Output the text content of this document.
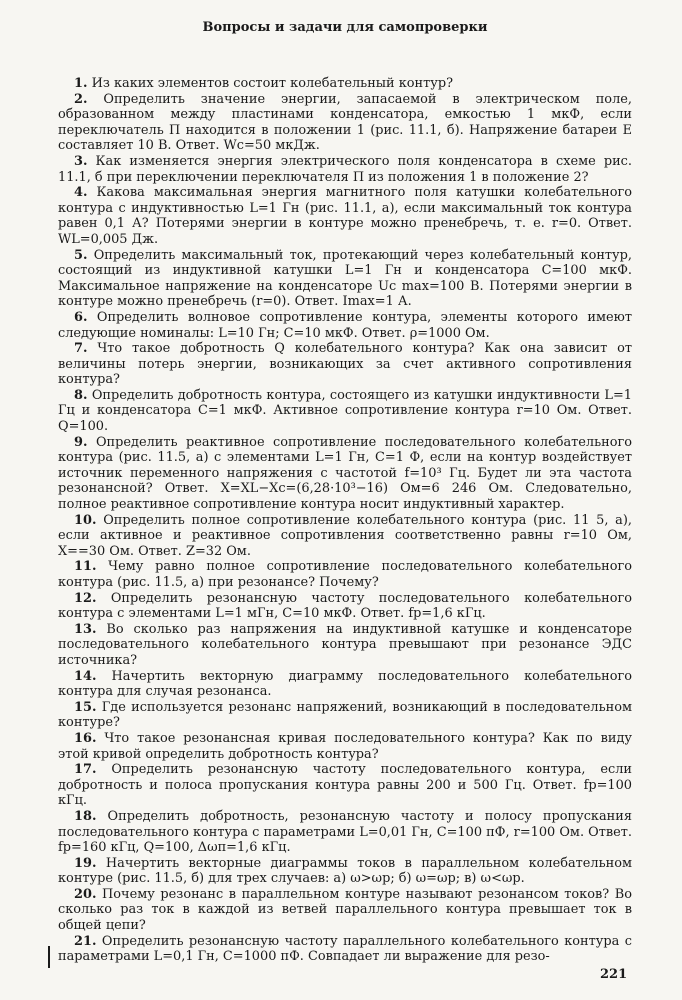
Вопросы и задачи для самопроверки

1. Из каких элементов состоит колебательный контур?

2. Определить значение энергии, запасаемой в электрическом поле, образованном между пластинами конденсатора, емкостью 1 мкФ, если переключатель П находится в положении 1 (рис. 11.1, б). Напряжение батареи E составляет 10 В. Ответ. Wc=50 мкДж.

3. Как изменяется энергия электрического поля конденсатора в схеме рис. 11.1, б при переключении переключателя П из положения 1 в положение 2?

4. Какова максимальная энергия магнитного поля катушки колебательного контура с индуктивностью L=1 Гн (рис. 11.1, а), если максимальный ток контура равен 0,1 А? Потерями энергии в контуре можно пренебречь, т. е. r=0. Ответ. WL=0,005 Дж.

5. Определить максимальный ток, протекающий через колебательный контур, состоящий из индуктивной катушки L=1 Гн и конденсатора C=100 мкФ. Максимальное напряжение на конденсаторе Uc max=100 В. Потерями энергии в контуре можно пренебречь (r=0). Ответ. Imax=1 А.

6. Определить волновое сопротивление контура, элементы которого имеют следующие номиналы: L=10 Гн; C=10 мкФ. Ответ. ρ=1000 Ом.

7. Что такое добротность Q колебательного контура? Как она зависит от величины потерь энергии, возникающих за счет активного сопротивления контура?

8. Определить добротность контура, состоящего из катушки индуктивности L=1 Гц и конденсатора C=1 мкФ. Активное сопротивление контура r=10 Ом. Ответ. Q=100.

9. Определить реактивное сопротивление последовательного колебательного контура (рис. 11.5, а) с элементами L=1 Гн, C=1 Ф, если на контур воздействует источник переменного напряжения с частотой f=10³ Гц. Будет ли эта частота резонансной? Ответ. X=XL−Xc=(6,28·10³−16) Ом=6 246 Ом. Следовательно, полное реактивное сопротивление контура носит индуктивный характер.

10. Определить полное сопротивление колебательного контура (рис. 11 5, а), если активное и реактивное сопротивления соответственно равны r=10 Ом, X==30 Ом. Ответ. Z=32 Ом.

11. Чему равно полное сопротивление последовательного колебательного контура (рис. 11.5, а) при резонансе? Почему?

12. Определить резонансную частоту последовательного колебательного контура с элементами L=1 мГн, C=10 мкФ. Ответ. fр=1,6 кГц.

13. Во сколько раз напряжения на индуктивной катушке и конденсаторе последовательного колебательного контура превышают при резонансе ЭДС источника?

14. Начертить векторную диаграмму последовательного колебательного контура для случая резонанса.

15. Где используется резонанс напряжений, возникающий в последовательном контуре?

16. Что такое резонансная кривая последовательного контура? Как по виду этой кривой определить добротность контура?

17. Определить резонансную частоту последовательного контура, если добротность и полоса пропускания контура равны 200 и 500 Гц. Ответ. fр=100 кГц.

18. Определить добротность, резонансную частоту и полосу пропускания последовательного контура с параметрами L=0,01 Гн, C=100 пФ, r=100 Ом. Ответ. fр=160 кГц, Q=100, Δωп=1,6 кГц.

19. Начертить векторные диаграммы токов в параллельном колебательном контуре (рис. 11.5, б) для трех случаев: а) ω>ωр; б) ω=ωр; в) ω<ωр.

20. Почему резонанс в параллельном контуре называют резонансом токов? Во сколько раз ток в каждой из ветвей параллельного контура превышает ток в общей цепи?

21. Определить резонансную частоту параллельного колебательного контура с параметрами L=0,1 Гн, C=1000 пФ. Совпадает ли выражение для резо-

221
